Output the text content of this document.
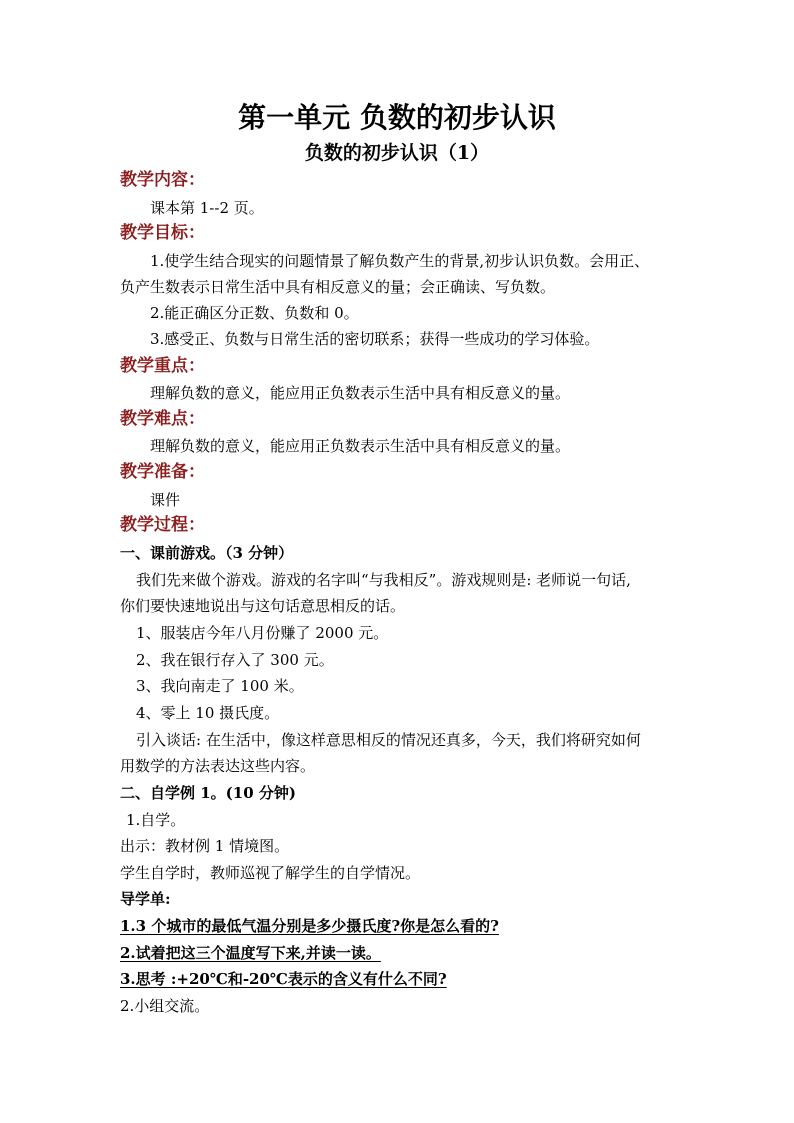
第一单元 负数的初步认识
负数的初步认识（1）
教学内容：
课本第 1--2 页。
教学目标：
1.使学生结合现实的问题情景了解负数产生的背景,初步认识负数。会用正、
负产生数表示日常生活中具有相反意义的量；会正确读、写负数。
2.能正确区分正数、负数和 0。
3.感受正、负数与日常生活的密切联系；获得一些成功的学习体验。
教学重点：
理解负数的意义，能应用正负数表示生活中具有相反意义的量。
教学难点：
理解负数的意义，能应用正负数表示生活中具有相反意义的量。
教学准备：
课件
教学过程：
一、课前游戏。（3 分钟）
我们先来做个游戏。游戏的名字叫“与我相反”。游戏规则是: 老师说一句话,
你们要快速地说出与这句话意思相反的话。
1、服装店今年八月份赚了 2000 元。
2、我在银行存入了 300 元。
3、我向南走了 100 米。
4、零上 10 摄氏度。
引入谈话: 在生活中，像这样意思相反的情况还真多，今天，我们将研究如何
用数学的方法表达这些内容。
二、自学例 1。(10 分钟)
1.自学。
出示：教材例 1 情境图。
学生自学时，教师巡视了解学生的自学情况。
导学单:
1.3 个城市的最低气温分别是多少摄氏度?你是怎么看的?
2.试着把这三个温度写下来,并读一读。
3.思考 :+20℃和-20℃表示的含义有什么不同?
2.小组交流。
